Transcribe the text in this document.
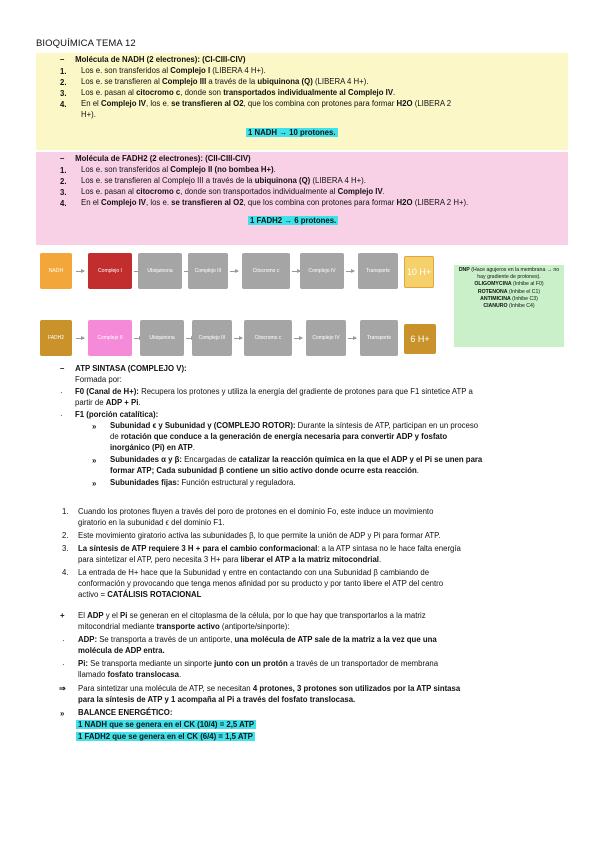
BIOQUÍMICA TEMA 12
–     Molécula de NADH (2 electrones): (CI-CIII-CIV)
1. Los e. son transferidos al Complejo I (LIBERA 4 H+).
2. Los e. se transfieren al Complejo III a través de la ubiquinona (Q) (LIBERA 4 H+).
3. Los e. pasan al citocromo c, donde son transportados individualmente al Complejo IV.
4. En el Complejo IV, los e. se transfieren al O2, que los combina con protones para formar H2O (LIBERA 2
H+).
1 NADH → 10 protones.
–     Molécula de FADH2 (2 electrones): (CII-CIII-CIV)
1. Los e. son transferidos al Complejo II (no bombea H+).
2. Los e. se transfieren al Complejo III a través de la ubiquinona (Q) (LIBERA 4 H+).
3. Los e. pasan al citocromo c, donde son transportados individualmente al Complejo IV.
4. En el Complejo IV, los e. se transfieren al O2, que los combina con protones para formar H2O (LIBERA 2 H+).
1 FADH2 → 6 protones.
NADH	Complejo I	Ubiquinona	Complejo III	Citocromo c	Complejo IV	Transporte	10 H+
FADH2	Complejo II	Ubiquinona	Complejo III	Citocromo c	Complejo IV	Transporte	6 H+
DNP (Hace agujeros en la membrana → no hay gradiente de protones).
OLIGOMYCINA (Inhibe al F0)
ROTENONA (Inhibe el C1)
ANTIMICINA (Inhibe C3)
CIANURO (Inhibe C4)
–     ATP SINTASA (COMPLEJO V):
Formada por:
· F0 (Canal de H+): Recupera los protones y utiliza la energía del gradiente de protones para que F1 sintetice ATP a
partir de ADP + Pi.
· F1 (porción catalítica):
» Subunidad ϵ y Subunidad γ (COMPLEJO ROTOR): Durante la síntesis de ATP, participan en un proceso
de rotación que conduce a la generación de energía necesaria para convertir ADP y fosfato
inorgánico (Pi) en ATP.
» Subunidades α y β: Encargadas de catalizar la reacción química en la que el ADP y el Pi se unen para
formar ATP; Cada subunidad β contiene un sitio activo donde ocurre esta reacción.
» Subunidades fijas: Función estructural y reguladora.
1. Cuando los protones fluyen a través del poro de protones en el dominio Fo, este induce un movimiento
giratorio en la subunidad ϵ del dominio F1.
2. Este movimiento giratorio activa las subunidades β, lo que permite la unión de ADP y Pi para formar ATP.
3. La síntesis de ATP requiere 3 H + para el cambio conformacional: a la ATP sintasa no le hace falta energía
para sintetizar el ATP, pero necesita 3 H+ para liberar el ATP a la matriz mitocondrial.
4. La entrada de H+ hace que la Subunidad γ entre en contactando con una Subunidad β cambiando de
conformación y provocando que tenga menos afinidad por su producto y por tanto libere el ATP del centro
activo = CATÁLISIS ROTACIONAL
+ El ADP y el Pi se generan en el citoplasma de la célula, por lo que hay que transportarlos a la matriz
mitocondrial mediante transporte activo (antiporte/sinporte):
· ADP: Se transporta a través de un antiporte, una molécula de ATP sale de la matriz a la vez que una
molécula de ADP entra.
· Pi: Se transporta mediante un sinporte junto con un protón a través de un transportador de membrana
llamado fosfato translocasa.
⇒ Para sintetizar una molécula de ATP, se necesitan 4 protones, 3 protones son utilizados por la ATP sintasa
para la síntesis de ATP y 1 acompaña al Pi a través del fosfato translocasa.
» BALANCE ENERGÉTICO:
1 NADH que se genera en el CK (10/4) = 2,5 ATP
1 FADH2 que se genera en el CK (6/4) = 1,5 ATP
